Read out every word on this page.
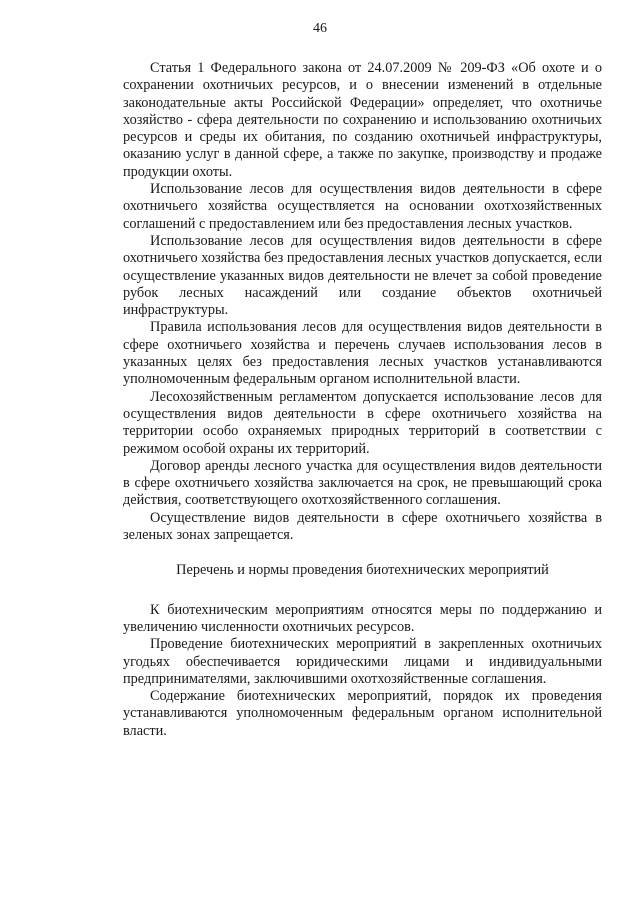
46

Статья 1 Федерального закона от 24.07.2009 № 209-ФЗ «Об охоте и о сохранении охотничьих ресурсов, и о внесении изменений в отдельные законодательные акты Российской Федерации» определяет, что охотничье хозяйство - сфера деятельности по сохранению и использованию охотничьих ресурсов и среды их обитания, по созданию охотничьей инфраструктуры, оказанию услуг в данной сфере, а также по закупке, производству и продаже продукции охоты.

Использование лесов для осуществления видов деятельности в сфере охотничьего хозяйства осуществляется на основании охотхозяйственных соглашений с предоставлением или без предоставления лесных участков.

Использование лесов для осуществления видов деятельности в сфере охотничьего хозяйства без предоставления лесных участков допускается, если осуществление указанных видов деятельности не влечет за собой проведение рубок лесных насаждений или создание объектов охотничьей инфраструктуры.

Правила использования лесов для осуществления видов деятельности в сфере охотничьего хозяйства и перечень случаев использования лесов в указанных целях без предоставления лесных участков устанавливаются уполномоченным федеральным органом исполнительной власти.

Лесохозяйственным регламентом допускается использование лесов для осуществления видов деятельности в сфере охотничьего хозяйства на территории особо охраняемых природных территорий в соответствии с режимом особой охраны их территорий.

Договор аренды лесного участка для осуществления видов деятельности в сфере охотничьего хозяйства заключается на срок, не превышающий срока действия, соответствующего охотхозяйственного соглашения.

Осуществление видов деятельности в сфере охотничьего хозяйства в зеленых зонах запрещается.

Перечень и нормы проведения биотехнических мероприятий

К биотехническим мероприятиям относятся меры по поддержанию и увеличению численности охотничьих ресурсов.

Проведение биотехнических мероприятий в закрепленных охотничьих угодьях обеспечивается юридическими лицами и индивидуальными предпринимателями, заключившими охотхозяйственные соглашения.

Содержание биотехнических мероприятий, порядок их проведения устанавливаются уполномоченным федеральным органом исполнительной власти.
